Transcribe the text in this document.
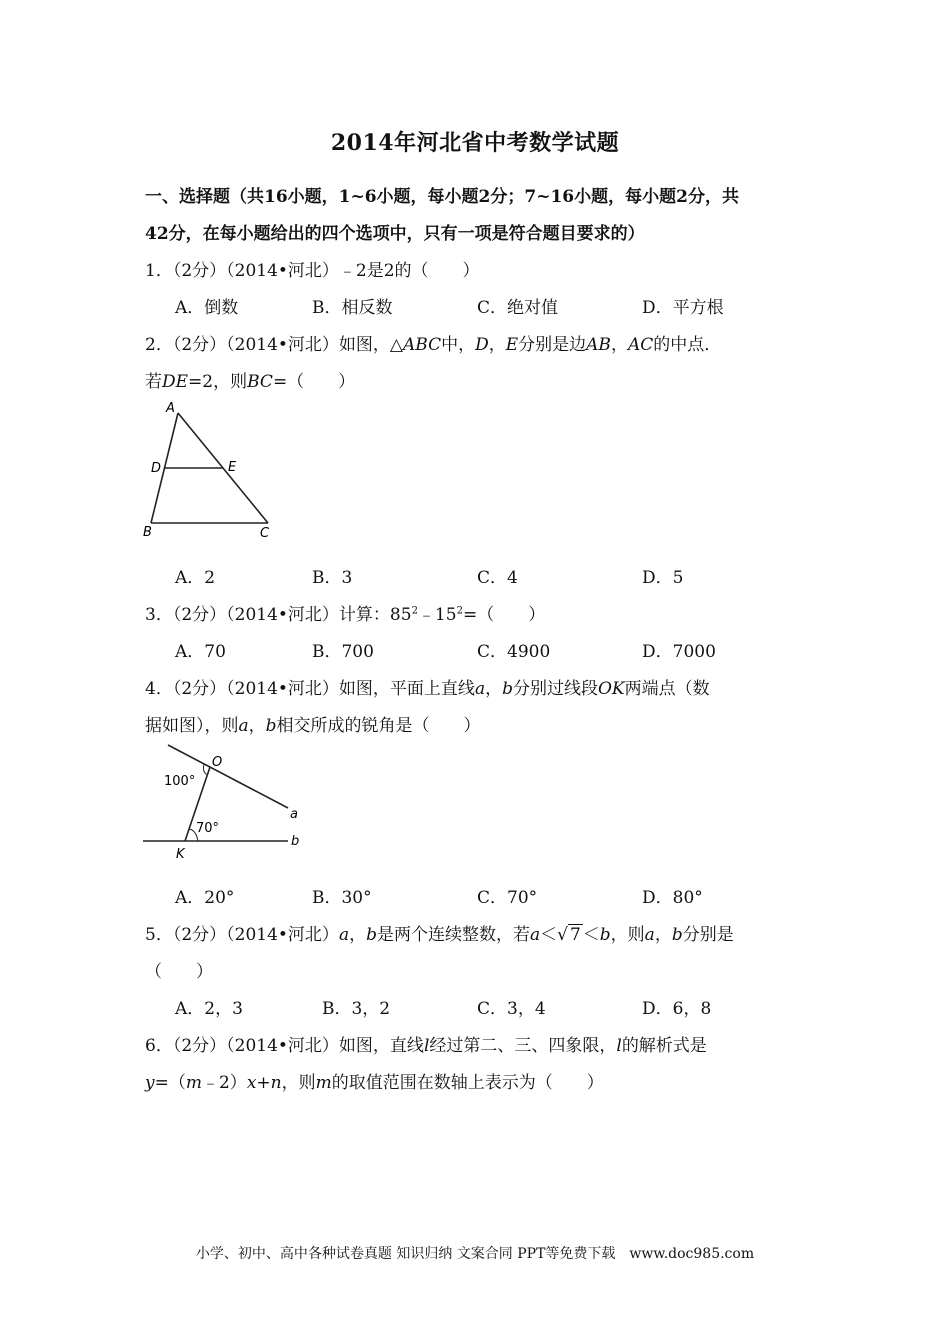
2014年河北省中考数学试题
一、选择题（共16小题，1~6小题，每小题2分；7~16小题，每小题2分，共
42分，在每小题给出的四个选项中，只有一项是符合题目要求的）
1．（2分）（2014•河北）﹣2是2的（　　）
A．倒数	B．相反数	C．绝对值	D．平方根
2．（2分）（2014•河北）如图，△ABC中，D，E分别是边AB，AC的中点．
若DE=2，则BC=（　　）
A
D	E
B	C
A．2	B．3	C．4	D．5
3．（2分）（2014•河北）计算：$85^2﹣15^2=$（　　）
A．70	B．700	C．4900	D．7000
4．（2分）（2014•河北）如图，平面上直线a，b分别过线段OK两端点（数
据如图），则a，b相交所成的锐角是（　　）
O
100°
70°
a
b
K
A．20°	B．30°	C．70°	D．80°
5．（2分）（2014•河北）a，b是两个连续整数，若a＜√ 7 ＜b，则a，b分别是
（　　）
A．2，3	B．3，2	C．3，4	D．6，8
6．（2分）（2014•河北）如图，直线l经过第二、三、四象限，l的解析式是
y=（m﹣2）x+n，则m的取值范围在数轴上表示为（　　）
小学、初中、高中各种试卷真题 知识归纳 文案合同 PPT等免费下载　www.doc985.com
